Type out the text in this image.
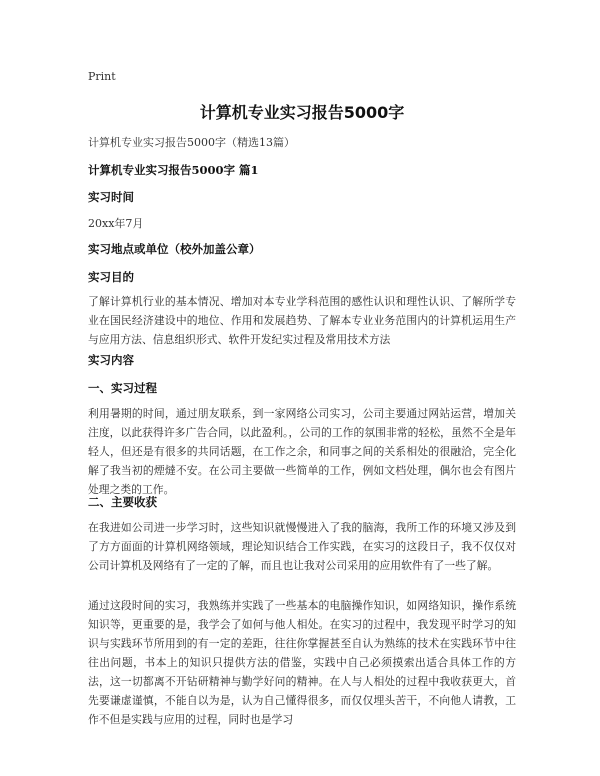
Print
计算机专业实习报告5000字
计算机专业实习报告5000字（精选13篇）
计算机专业实习报告5000字 篇1
实习时间
20xx年7月
实习地点或单位（校外加盖公章）
实习目的

了解计算机行业的基本情况、增加对本专业学科范围的感性认识和理性认识、了解所学专业在国民经济建设中的地位、作用和发展趋势、了解本专业业务范围内的计算机运用生产与应用方法、信息组织形式、软件开发纪实过程及常用技术方法

实习内容
一、实习过程

利用暑期的时间，通过朋友联系，到一家网络公司实习，公司主要通过网站运营，增加关注度，以此获得许多广告合同，以此盈利。，公司的工作的氛围非常的轻松，虽然不全是年轻人，但还是有很多的共同话题，在工作之余，和同事之间的关系相处的很融洽，完全化解了我当初的煙燵不安。在公司主要做一些简单的工作，例如文档处理，偶尔也会有图片处理之类的工作。

二、主要收获

在我进如公司进一步学习时，这些知识就慢慢进入了我的脑海，我所工作的环境又涉及到了方方面面的计算机网络领域，理论知识结合工作实践，在实习的这段日子，我不仅仅对公司计算机及网络有了一定的了解，而且也让我对公司采用的应用软件有了一些了解。

通过这段时间的实习，我熟练并实践了一些基本的电脑操作知识，如网络知识，操作系统知识等，更重要的是，我学会了如何与他人相处。在实习的过程中，我发现平时学习的知识与实践环节所用到的有一定的差距，往往你掌握甚至自认为熟练的技术在实践环节中往往出问题，书本上的知识只提供方法的借鉴，实践中自己必须摸索出适合具体工作的方法，这一切都离不开钻研精神与勤学好问的精神。在人与人相处的过程中我收获更大，首先要谦虚谨慎，不能自以为是，认为自己懂得很多，而仅仅埋头苦干，不向他人请教，工作不但是实践与应用的过程，同时也是学习
